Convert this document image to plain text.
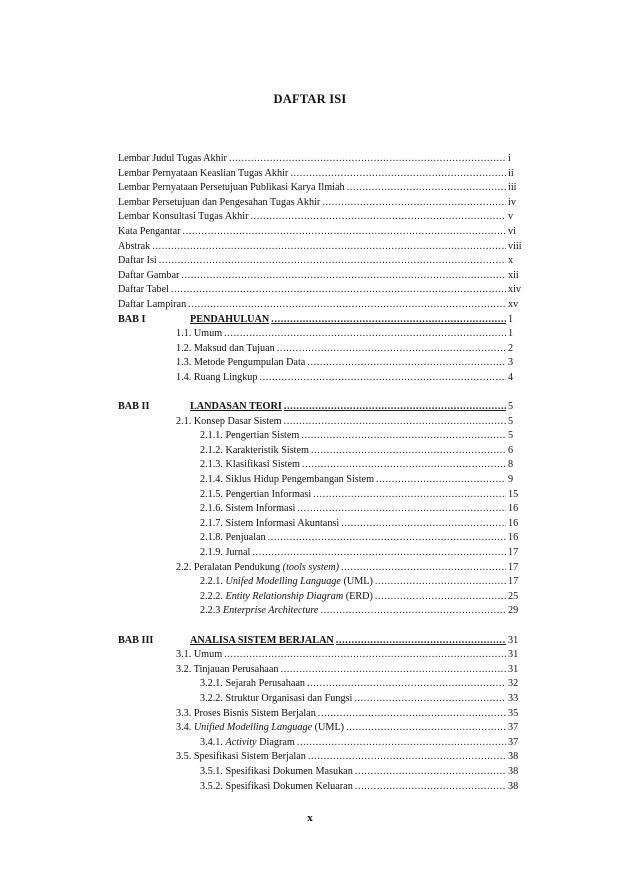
DAFTAR ISI
Lembar Judul Tugas Akhir .....	i
Lembar Pernyataan Keaslian Tugas Akhir .....	ii
Lembar Pernyataan Persetujuan Publikasi Karya Ilmiah .....	iii
Lembar Persetujuan dan Pengesahan Tugas Akhir .....	iv
Lembar Konsultasi Tugas Akhir .....	v
Kata Pengantar .....	vi
Abstrak .....	viii
Daftar Isi .....	x
Daftar Gambar .....	xii
Daftar Tabel .....	xiv
Daftar Lampiran .....	xv
BAB I	PENDAHULUAN .....	1
1.1. Umum .....	1
1.2. Maksud dan Tujuan .....	2
1.3. Metode Pengumpulan Data .....	3
1.4. Ruang Lingkup .....	4
BAB II	LANDASAN TEORI .....	5
2.1. Konsep Dasar Sistem .....	5
2.1.1. Pengertian Sistem .....	5
2.1.2. Karakteristik Sistem .....	6
2.1.3. Klasifikasi Sistem .....	8
2.1.4. Siklus Hidup Pengembangan Sistem .....	9
2.1.5. Pengertian Informasi .....	15
2.1.6. Sistem Informasi .....	16
2.1.7. Sistem Informasi Akuntansi .....	16
2.1.8. Penjualan .....	16
2.1.9. Jurnal .....	17
2.2. Peralatan Pendukung (tools system) .....	17
2.2.1. Unifed Modelling Language (UML) .....	17
2.2.2. Entity Relationship Diagram (ERD) .....	25
2.2.3 Enterprise Architecture .....	29
BAB III	ANALISA SISTEM BERJALAN .....	31
3.1. Umum .....	31
3.2. Tinjauan Perusahaan .....	31
3.2.1. Sejarah Perusahaan .....	32
3.2.2. Struktur Organisasi dan Fungsi .....	33
3.3. Proses Bisnis Sistem Berjalan .....	35
3.4. Unified Modelling Language (UML) .....	37
3.4.1. Activity Diagram .....	37
3.5. Spesifikasi Sistem Berjalan .....	38
3.5.1. Spesifikasi Dokumen Masukan .....	38
3.5.2. Spesifikasi Dokumen Keluaran .....	38
x
